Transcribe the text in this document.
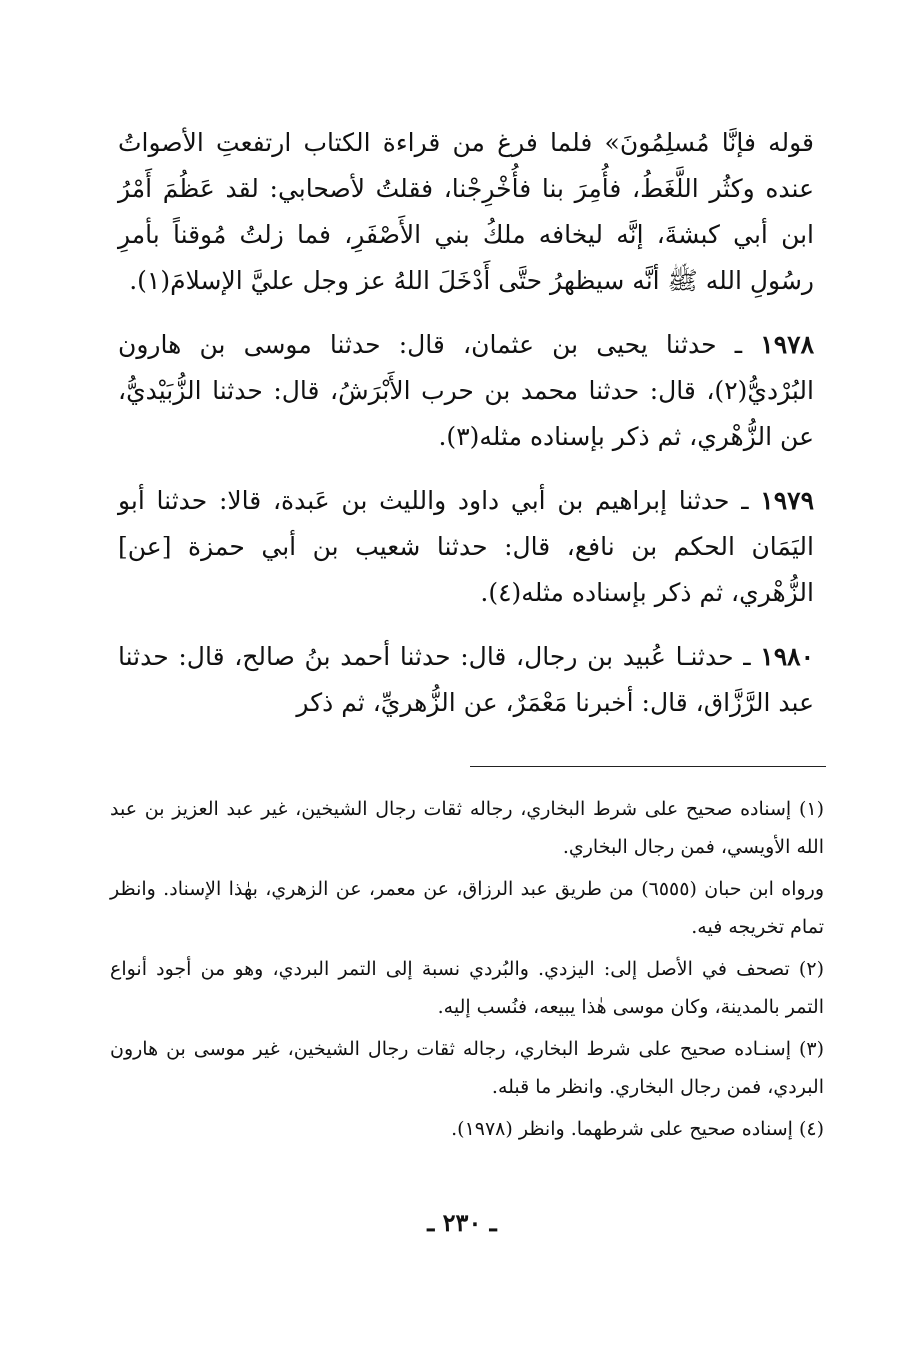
قوله فإنَّا مُسلِمُونَ» فلما فرغ من قراءة الكتاب ارتفعتِ الأصواتُ عنده وكثُر اللَّغَطُ، فأُمِرَ بنا فأُخْرِجْنا، فقلتُ لأصحابي: لقد عَظُمَ أَمْرُ ابن أبي كبشةَ، إنَّه ليخافه ملكُ بني الأَصْفَرِ، فما زلتُ مُوقناً بأمرِ رسُولِ الله ﷺ أنَّه سيظهرُ حتَّى أَدْخَلَ اللهُ عز وجل عليَّ الإسلامَ(١).

١٩٧٨ ـ حدثنا يحيى بن عثمان، قال: حدثنا موسى بن هارون البُرْديُّ(٢)، قال: حدثنا محمد بن حرب الأَبْرَشُ، قال: حدثنا الزُّبَيْديُّ، عن الزُّهْري، ثم ذكر بإسناده مثله(٣).

١٩٧٩ ـ حدثنا إبراهيم بن أبي داود والليث بن عَبدة، قالا: حدثنا أبو اليَمَان الحكم بن نافع، قال: حدثنا شعيب بن أبي حمزة [عن] الزُّهْري، ثم ذكر بإسناده مثله(٤).

١٩٨٠ ـ حدثنـا عُبيد بن رجال، قال: حدثنا أحمد بنُ صالح، قال: حدثنا عبد الرَّزَّاق، قال: أخبرنا مَعْمَرٌ، عن الزُّهريِّ، ثم ذكر

(١) إسناده صحيح على شرط البخاري، رجاله ثقات رجال الشيخين، غير عبد العزيز بن عبد الله الأويسي، فمن رجال البخاري.

ورواه ابن حبان (٦٥٥٥) من طريق عبد الرزاق، عن معمر، عن الزهري، بهٰذا الإسناد. وانظر تمام تخريجه فيه.

(٢) تصحف في الأصل إلى: اليزدي. والبُردي نسبة إلى التمر البردي، وهو من أجود أنواع التمر بالمدينة، وكان موسى هٰذا يبيعه، فنُسب إليه.

(٣) إسنـاده صحيح على شرط البخاري، رجاله ثقات رجال الشيخين، غير موسى بن هارون البردي، فمن رجال البخاري. وانظر ما قبله.

(٤) إسناده صحيح على شرطهما. وانظر (١٩٧٨).

ـ ٢٣٠ ـ
